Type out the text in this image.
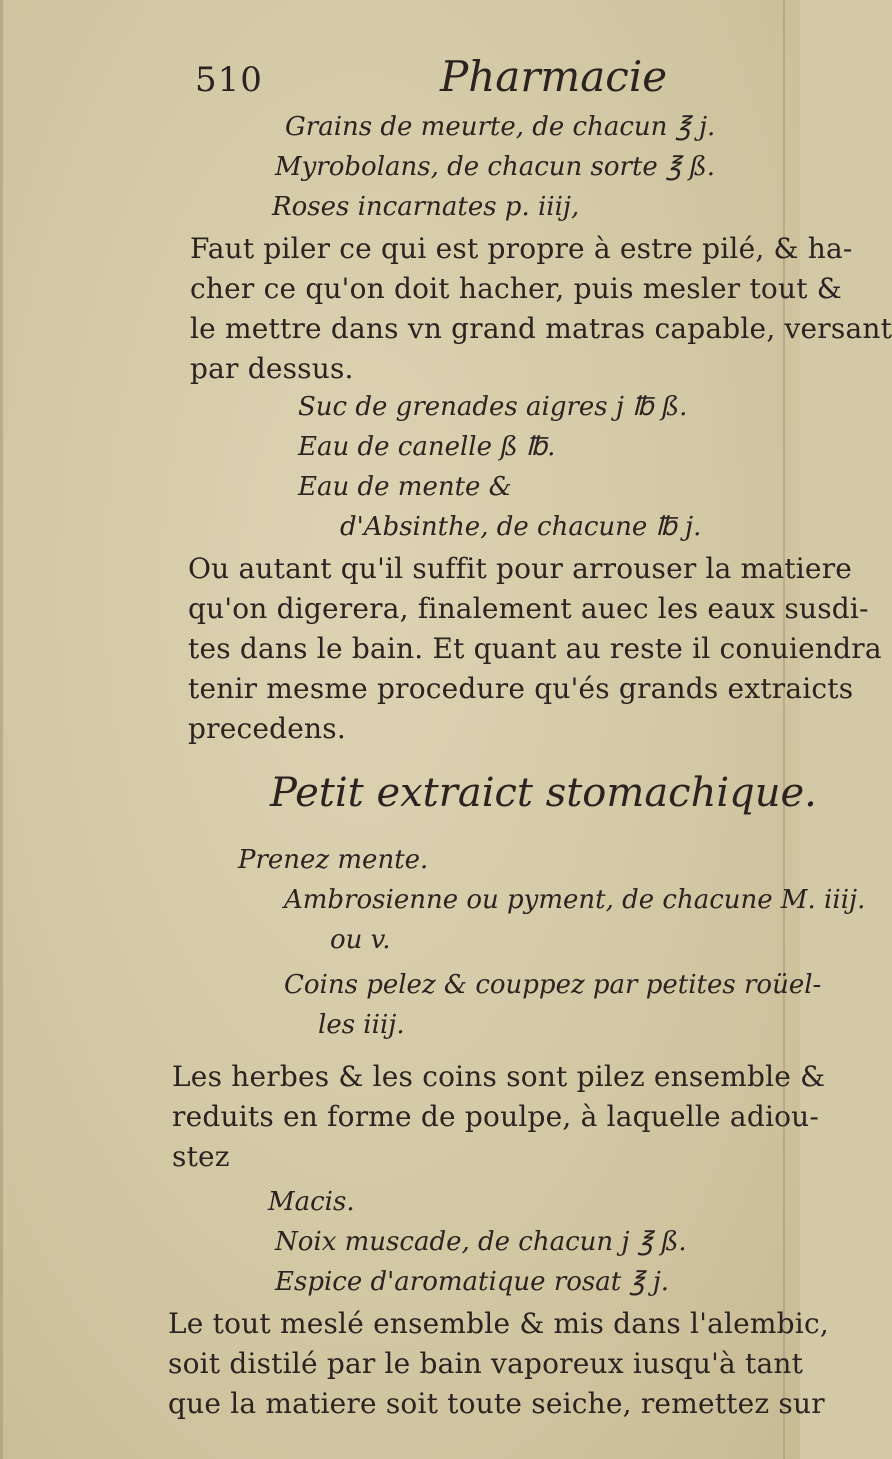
510	Pharmacie
Grains de meurte, de chacun ℥ j.
Myrobolans, de chacun sorte ℥ ß.
Roses incarnates p. iiij,
Faut piler ce qui est propre à estre pilé, & ha-
cher ce qu'on doit hacher, puis mesler tout &
le mettre dans vn grand matras capable, versant
par dessus.
Suc de grenades aigres j ℔ ß.
Eau de canelle ß ℔.
Eau de mente &
d'Absinthe, de chacune ℔ j.
Ou autant qu'il suffit pour arrouser la matiere
qu'on digerera, finalement auec les eaux susdi-
tes dans le bain. Et quant au reste il conuiendra
tenir mesme procedure qu'és grands extraicts
precedens.
Petit extraict stomachique.
Prenez mente.
Ambrosienne ou pyment, de chacune M. iiij.
ou v.
Coins pelez & couppez par petites roüel-
les iiij.
Les herbes & les coins sont pilez ensemble &
reduits en forme de poulpe, à laquelle adiou-
stez
Macis.
Noix muscade, de chacun j ℥ ß.
Espice d'aromatique rosat ℥ j.
Le tout meslé ensemble & mis dans l'alembic,
soit distilé par le bain vaporeux iusqu'à tant
que la matiere soit toute seiche, remettez sur
